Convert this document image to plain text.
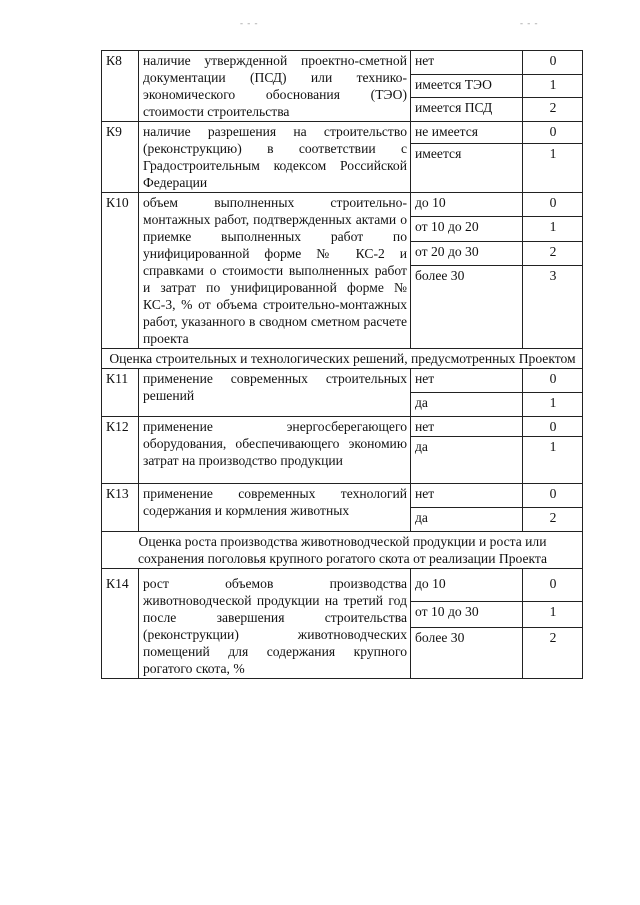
- - -	- - -
К8	наличие утвержденной проектно-сметной документации (ПСД) или технико-экономического обоснования (ТЭО) стоимости строительства	нет	0
		имеется ТЭО	1
		имеется ПСД	2
К9	наличие разрешения на строительство (реконструкцию) в соответствии с Градостроительным кодексом Российской Федерации	не имеется	0
		имеется	1
К10	объем выполненных строительно-монтажных работ, подтвержденных актами о приемке выполненных работ по унифицированной форме № КС-2 и справками о стоимости выполненных работ и затрат по унифицированной форме № КС-3, % от объема строительно-монтажных работ, указанного в сводном сметном расчете проекта	до 10	0
		от 10 до 20	1
		от 20 до 30	2
		более 30	3
Оценка строительных и технологических решений, предусмотренных Проектом			
К11	применение современных строительных решений	нет	0
		да	1
К12	применение энергосберегающего оборудования, обеспечивающего экономию затрат на производство продукции	нет	0
		да	1
К13	применение современных технологий содержания и кормления животных	нет	0
		да	2
Оценка роста производства животноводческой продукции и роста или сохранения поголовья крупного рогатого скота от реализации Проекта			
К14	рост объемов производства животноводческой продукции на третий год после завершения строительства (реконструкции) животноводческих помещений для содержания крупного рогатого скота, %	до 10	0
		от 10 до 30	1
		более 30	2
